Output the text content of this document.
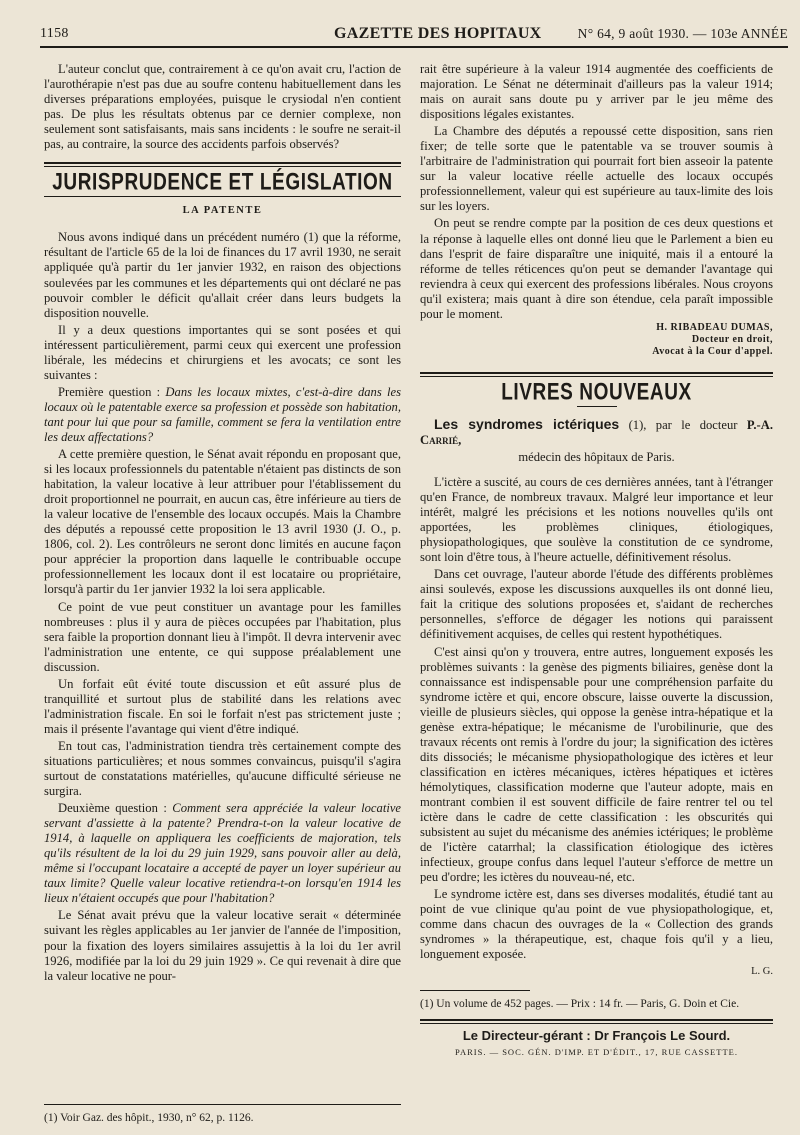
1158	GAZETTE DES HOPITAUX	N° 64, 9 août 1930. — 103e ANNÉE

L'auteur conclut que, contrairement à ce qu'on avait cru, l'action de l'aurothérapie n'est pas due au soufre contenu habituellement dans les diverses préparations employées, puisque le crysiodal n'en contient pas. De plus les résultats obtenus par ce dernier complexe, non seulement sont satisfaisants, mais sans incidents : le soufre ne serait-il pas, au contraire, la source des accidents parfois observés?

JURISPRUDENCE ET LÉGISLATION
LA PATENTE

Nous avons indiqué dans un précédent numéro (1) que la réforme, résultant de l'article 65 de la loi de finances du 17 avril 1930, ne serait appliquée qu'à partir du 1er janvier 1932, en raison des objections soulevées par les communes et les départements qui ont déclaré ne pas pouvoir combler le déficit qu'allait créer dans leurs budgets la disposition nouvelle.

Il y a deux questions importantes qui se sont posées et qui intéressent particulièrement, parmi ceux qui exercent une profession libérale, les médecins et chirurgiens et les avocats; ce sont les suivantes :

Première question : Dans les locaux mixtes, c'est-à-dire dans les locaux où le patentable exerce sa profession et possède son habitation, tant pour lui que pour sa famille, comment se fera la ventilation entre les deux affectations?

A cette première question, le Sénat avait répondu en proposant que, si les locaux professionnels du patentable n'étaient pas distincts de son habitation, la valeur locative à leur attribuer pour l'établissement du droit proportionnel ne pourrait, en aucun cas, être inférieure au tiers de la valeur locative de l'ensemble des locaux occupés. Mais la Chambre des députés a repoussé cette proposition le 13 avril 1930 (J. O., p. 1806, col. 2). Les contrôleurs ne seront donc limités en aucune façon pour apprécier la proportion dans laquelle le contribuable occupe professionnellement les locaux dont il est locataire ou propriétaire, lorsqu'à partir du 1er janvier 1932 la loi sera applicable.

Ce point de vue peut constituer un avantage pour les familles nombreuses : plus il y aura de pièces occupées par l'habitation, plus sera faible la proportion donnant lieu à l'impôt. Il devra intervenir avec l'administration une entente, ce qui suppose préalablement une discussion.

Un forfait eût évité toute discussion et eût assuré plus de tranquillité et surtout plus de stabilité dans les relations avec l'administration fiscale. En soi le forfait n'est pas strictement juste ; mais il présente l'avantage qui vient d'être indiqué.

En tout cas, l'administration tiendra très certainement compte des situations particulières; et nous sommes convaincus, puisqu'il s'agira surtout de constatations matérielles, qu'aucune difficulté sérieuse ne surgira.

Deuxième question : Comment sera appréciée la valeur locative servant d'assiette à la patente? Prendra-t-on la valeur locative de 1914, à laquelle on appliquera les coefficients de majoration, tels qu'ils résultent de la loi du 29 juin 1929, sans pouvoir aller au delà, même si l'occupant locataire a accepté de payer un loyer supérieur au taux limite? Quelle valeur locative retiendra-t-on lorsqu'en 1914 les lieux n'étaient occupés que pour l'habitation?

Le Sénat avait prévu que la valeur locative serait « déterminée suivant les règles applicables au 1er janvier de l'année de l'imposition, pour la fixation des loyers similaires assujettis à la loi du 1er avril 1926, modifiée par la loi du 29 juin 1929 ». Ce qui revenait à dire que la valeur locative ne pour-

(1) Voir Gaz. des hôpit., 1930, n° 62, p. 1126.

rait être supérieure à la valeur 1914 augmentée des coefficients de majoration. Le Sénat ne déterminait d'ailleurs pas la valeur 1914; mais on aurait sans doute pu y arriver par le jeu même des dispositions légales existantes.

La Chambre des députés a repoussé cette disposition, sans rien fixer; de telle sorte que le patentable va se trouver soumis à l'arbitraire de l'administration qui pourrait fort bien asseoir la patente sur la valeur locative réelle actuelle des locaux occupés professionnellement, valeur qui est supérieure au taux-limite des lois sur les loyers.

On peut se rendre compte par la position de ces deux questions et la réponse à laquelle elles ont donné lieu que le Parlement a bien eu dans l'esprit de faire disparaître une iniquité, mais il a entouré la réforme de telles réticences qu'on peut se demander l'avantage qui reviendra à ceux qui exercent des professions libérales. Nous croyons qu'il existera; mais quant à dire son étendue, cela paraît impossible pour le moment.

H. RIBADEAU DUMAS,
Docteur en droit,
Avocat à la Cour d'appel.
LIVRES NOUVEAUX

Les syndromes ictériques (1), par le docteur P.-A. Carrié,

médecin des hôpitaux de Paris.

L'ictère a suscité, au cours de ces dernières années, tant à l'étranger qu'en France, de nombreux travaux. Malgré leur importance et leur intérêt, malgré les précisions et les notions nouvelles qu'ils ont apportées, les problèmes cliniques, étiologiques, physiopathologiques, que soulève la constitution de ce syndrome, sont loin d'être tous, à l'heure actuelle, définitivement résolus.

Dans cet ouvrage, l'auteur aborde l'étude des différents problèmes ainsi soulevés, expose les discussions auxquelles ils ont donné lieu, fait la critique des solutions proposées et, s'aidant de recherches personnelles, s'efforce de dégager les notions qui paraissent définitivement acquises, de celles qui restent hypothétiques.

C'est ainsi qu'on y trouvera, entre autres, longuement exposés les problèmes suivants : la genèse des pigments biliaires, genèse dont la connaissance est indispensable pour une compréhension parfaite du syndrome ictère et qui, encore obscure, laisse ouverte la discussion, vieille de plusieurs siècles, qui oppose la genèse intra-hépatique et la genèse extra-hépatique; le mécanisme de l'urobilinurie, que des travaux récents ont remis à l'ordre du jour; la signification des ictères dits dissociés; le mécanisme physiopathologique des ictères et leur classification en ictères mécaniques, ictères hépatiques et ictères hémolytiques, classification moderne que l'auteur adopte, mais en montrant combien il est souvent difficile de faire rentrer tel ou tel ictère dans le cadre de cette classification : les obscurités qui subsistent au sujet du mécanisme des anémies ictériques; le problème de l'ictère catarrhal; la classification étiologique des ictères infectieux, groupe confus dans lequel l'auteur s'efforce de mettre un peu d'ordre; les ictères du nouveau-né, etc.

Le syndrome ictère est, dans ses diverses modalités, étudié tant au point de vue clinique qu'au point de vue physiopathologique, et, comme dans chacun des ouvrages de la « Collection des grands syndromes » la thérapeutique, est, chaque fois qu'il y a lieu, longuement exposée.

L. G.

(1) Un volume de 452 pages. — Prix : 14 fr. — Paris, G. Doin et Cie.

Le Directeur-gérant : Dr François Le Sourd.
PARIS. — SOC. GÉN. D'IMP. ET D'ÉDIT., 17, RUE CASSETTE.
